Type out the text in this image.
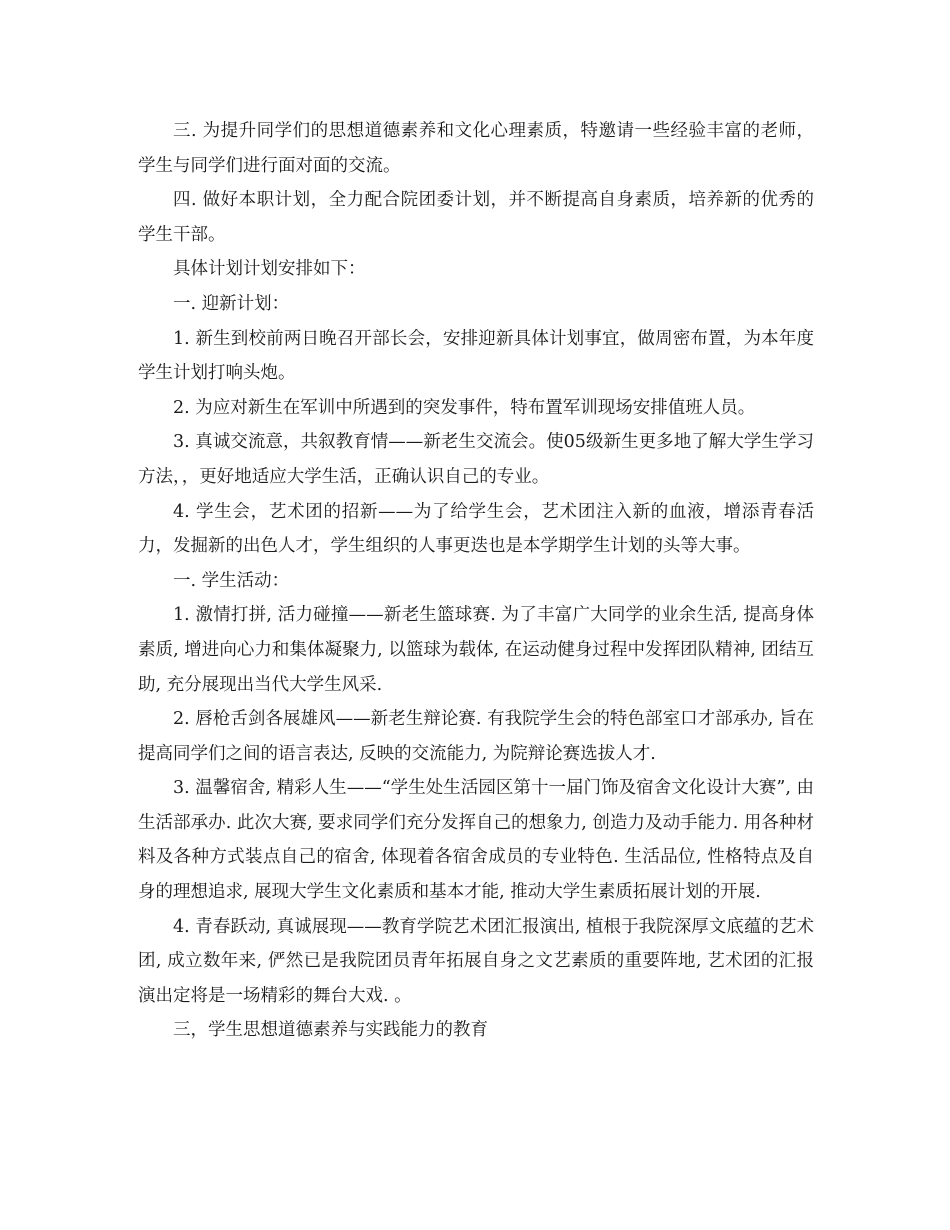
三. 为提升同学们的思想道德素养和文化心理素质，特邀请一些经验丰富的老师，学生与同学们进行面对面的交流。

四. 做好本职计划，全力配合院团委计划，并不断提高自身素质，培养新的优秀的学生干部。

具体计划计划安排如下：

一. 迎新计划：

1. 新生到校前两日晚召开部长会，安排迎新具体计划事宜，做周密布置，为本年度学生计划打响头炮。

2. 为应对新生在军训中所遇到的突发事件，特布置军训现场安排值班人员。

3. 真诚交流意，共叙教育情——新老生交流会。使05级新生更多地了解大学生学习方法，，更好地适应大学生活，正确认识自己的专业。

4. 学生会，艺术团的招新——为了给学生会，艺术团注入新的血液，增添青春活力，发掘新的出色人才，学生组织的人事更迭也是本学期学生计划的头等大事。

一. 学生活动：

1. 激情打拼, 活力碰撞——新老生篮球赛. 为了丰富广大同学的业余生活, 提高身体素质, 增进向心力和集体凝聚力, 以篮球为载体, 在运动健身过程中发挥团队精神, 团结互助, 充分展现出当代大学生风采.

2. 唇枪舌剑各展雄风——新老生辩论赛. 有我院学生会的特色部室口才部承办, 旨在提高同学们之间的语言表达, 反映的交流能力, 为院辩论赛选拔人才.

3. 温馨宿舍, 精彩人生——“学生处生活园区第十一届门饰及宿舍文化设计大赛”, 由生活部承办. 此次大赛, 要求同学们充分发挥自己的想象力, 创造力及动手能力. 用各种材料及各种方式装点自己的宿舍, 体现着各宿舍成员的专业特色. 生活品位, 性格特点及自身的理想追求, 展现大学生文化素质和基本才能, 推动大学生素质拓展计划的开展.

4. 青春跃动, 真诚展现——教育学院艺术团汇报演出, 植根于我院深厚文底蕴的艺术团, 成立数年来, 俨然已是我院团员青年拓展自身之文艺素质的重要阵地, 艺术团的汇报演出定将是一场精彩的舞台大戏. 。

三，学生思想道德素养与实践能力的教育
